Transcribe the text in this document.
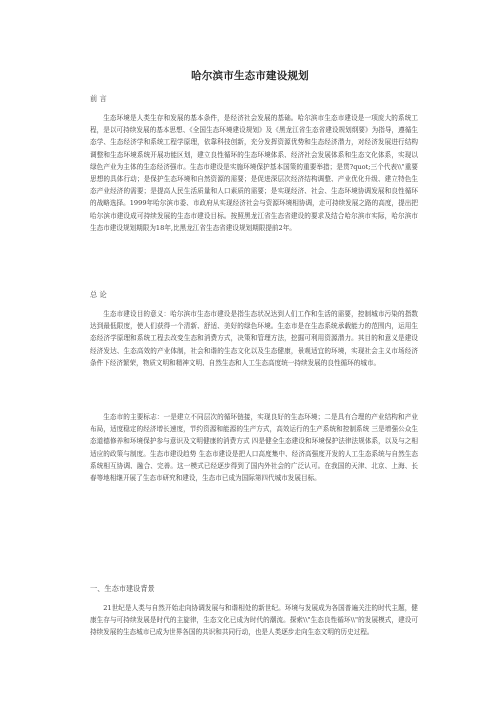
哈尔滨市生态市建设规划
前 言

生态环境是人类生存和发展的基本条件，是经济社会发展的基础。哈尔滨市生态市建设是一项庞大的系统工程，是以可持续发展的基本思想、《全国生态环境建设规划》及《黑龙江省生态省建设规划纲要》为指导，遵循生态学、生态经济学和系统工程学原理，依靠科技创新，充分发挥资源优势和生态经济潜力，对经济发展进行结构调整和生态环境系统开展功能区划，建立良性循环的生态环境体系、经济社会发展体系和生态文化体系，实现以绿色产业为主体的生态经济强市。生态市建设是实施环境保护基本国策的重要举措；是贯?quot;三个代表\\"重要思想的具体行动；是保护生态环境和自然资源的需要；是促进深层次经济结构调整、产业优化升级、建立特色生态产业经济的需要；是提高人民生活质量和人口素质的需要；是实现经济、社会、生态环境协调发展和良性循环的战略选择。1999年哈尔滨市委、市政府从实现经济社会与资源环境相协调，走可持续发展之路的高度，提出把哈尔滨市建设成可持续发展的生态市建设目标。按照黑龙江省生态省建设的要求及结合哈尔滨市实际，哈尔滨市生态市建设规划期限为18年,比黑龙江省生态省建设规划期限提前2年。

总 论

生态市建设目的意义：哈尔滨市生态市建设是指生态状况达到人们工作和生活的需要，控制城市污染的指数达到最低限度，使人们获得一个清新、舒适、美好的绿色环境。生态市是在生态系统承载能力的范围内，运用生态经济学原理和系统工程去改变生态和消费方式，决策和管理方法，挖掘可利用资源潜力。其目的和意义是建设经济发达、生态高效的产业体制，社会和谐的生态文化以及生态健康，景观适宜的环境，实现社会主义市场经济条件下经济繁荣，物质文明和精神文明、自然生态和人工生态高度统一持续发展的良性循环的城市。

生态市的主要标志：一是建立不同层次的循环链接，实现良好的生态环境；二是具有合理的产业结构和产业布局，适度稳定的经济增长速度，节约资源和能源的生产方式，高效运行的生产系统和控制系统 三是增强公众生态道德修养和环境保护参与意识及文明健康的消费方式 四是健全生态建设和环境保护法律法规体系，以及与之相适应的政策与制度。生态市建设趋势 生态市建设是把人口高度集中、经济高强度开发的人工生态系统与自然生态系统相互协调、融合、完善。这一模式已经逐步得到了国内外社会的广泛认可。在我国的天津、北京、上海、长春等地相继开展了生态市研究和建设，生态市已成为国际第四代城市发展目标。

一、生态市建设背景

21世纪是人类与自然开始走向协调发展与和谐相处的新世纪。环境与发展成为各国普遍关注的时代主题，健康生存与可持续发展是时代的主旋律，生态文化已成为时代的潮流。探索\\"生态良性循环\\"的发展模式，建设可持续发展的生态城市已成为世界各国的共识和共同行动，也是人类逐步走向生态文明的历史过程。
